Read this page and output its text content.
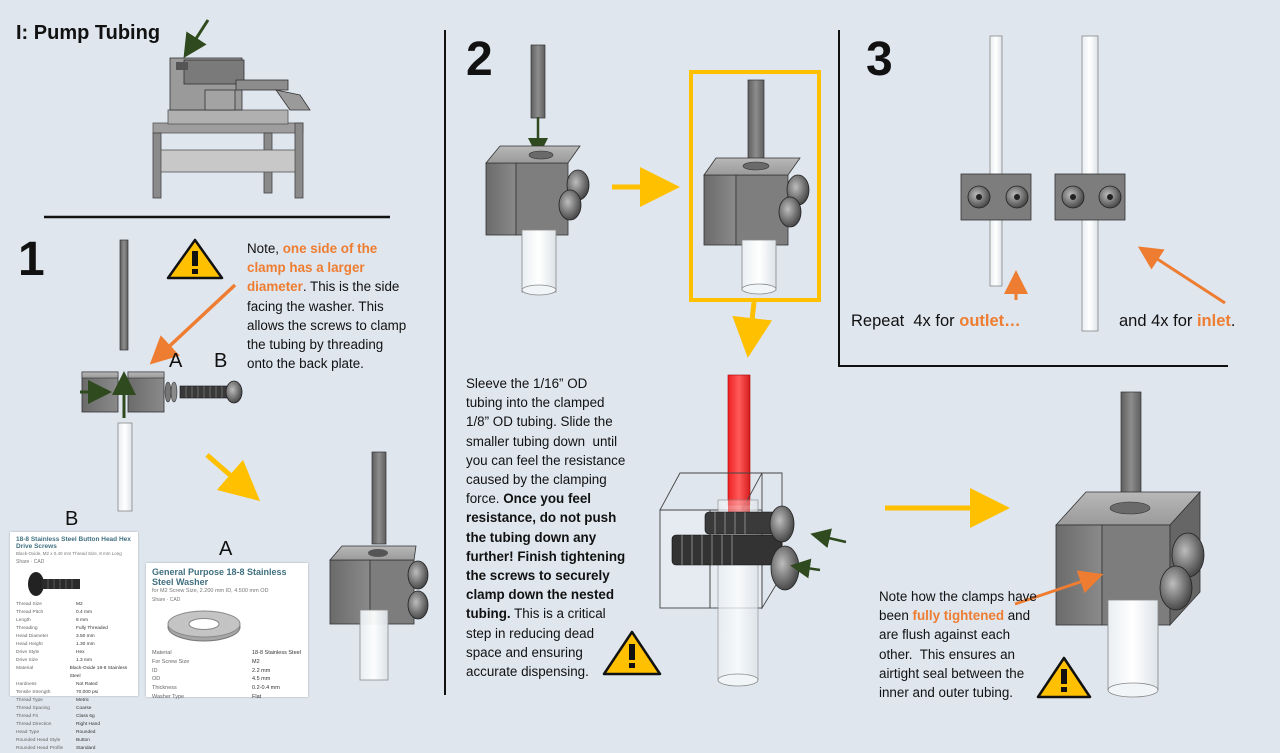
I: Pump Tubing
1
2	3
Note, one side of the
clamp has a larger
diameter. This is the side
facing the washer. This
allows the screws to clamp
the tubing by threading
onto the back plate.
A B
B
A
18-8 Stainless Steel Button Head Hex Drive Screws
Black-Oxide, M2 x 0.40 mm Thread Size, 8 mm Long
Share · CAD
Thread Size	M2
Thread Pitch	0.4 mm
Length	8 mm
Threading	Fully Threaded
Head Diameter	3.50 mm
Head Height	1.30 mm
Drive Style	Hex
Drive Size	1.3 mm
Material	Black-Oxide 18-8 Stainless Steel
Hardness	Not Rated
Tensile Strength	70,000 psi
Thread Type	Metric
Thread Spacing	Coarse
Thread Fit	Class 6g
Thread Direction	Right Hand
Head Type	Rounded
Rounded Head Style	Button
Rounded Head Profile	Standard
General Purpose 18-8 Stainless Steel Washer
for M2 Screw Size, 2.200 mm ID, 4.500 mm OD
Share · CAD
Material	18-8 Stainless Steel
For Screw Size	M2
ID	2.2 mm
OD	4.5 mm
Thickness	0.2-0.4 mm
Washer Type	Flat
Sleeve the 1/16” OD
tubing into the clamped
1/8” OD tubing. Slide the
smaller tubing down  until
you can feel the resistance
caused by the clamping
force. Once you feel
resistance, do not push
the tubing down any
further! Finish tightening
the screws to securely
clamp down the nested
tubing. This is a critical
step in reducing dead
space and ensuring
accurate dispensing.
Note how the clamps have
been fully tightened and
are flush against each
other.  This ensures an
airtight seal between the
inner and outer tubing.
Repeat  4x for outlet…	and 4x for inlet.
